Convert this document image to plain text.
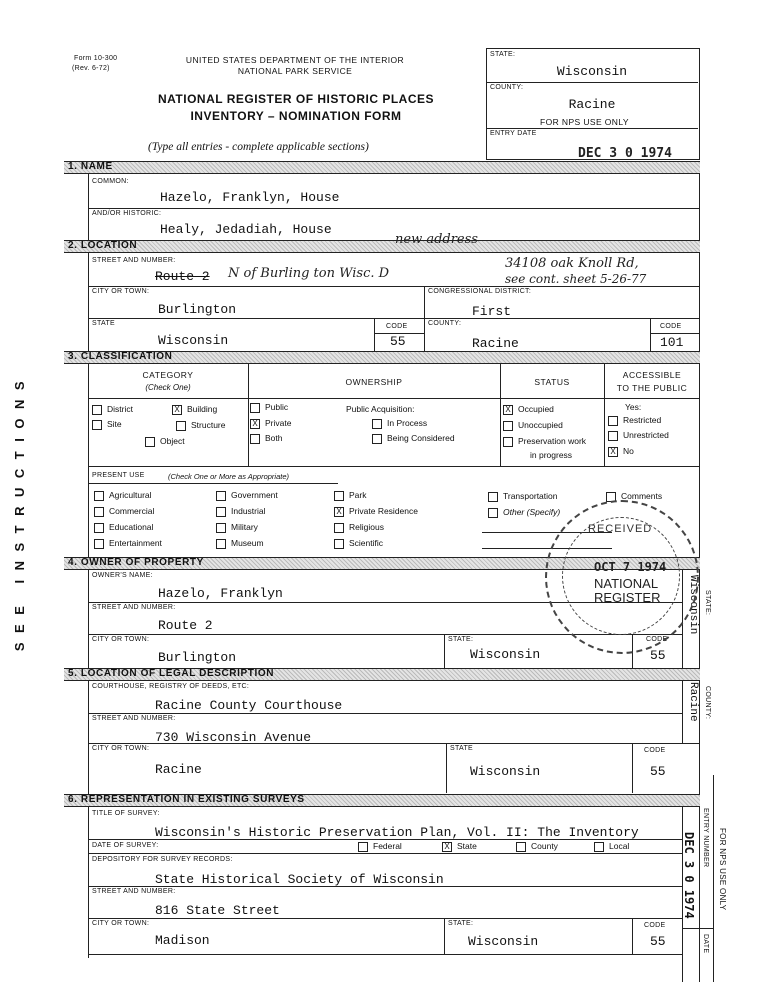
Form 10-300
(Rev. 6-72)
UNITED STATES DEPARTMENT OF THE INTERIOR
NATIONAL PARK SERVICE
NATIONAL REGISTER OF HISTORIC PLACES
INVENTORY – NOMINATION FORM
(Type all entries - complete applicable sections)
STATE:
Wisconsin
COUNTY:
Racine
FOR NPS USE ONLY
ENTRY DATE
DEC 3 0 1974
SEE INSTRUCTIONS
1. NAME
COMMON:
Hazelo, Franklyn, House
AND/OR HISTORIC:
Healy, Jedadiah, House
2. LOCATION	new address
STREET AND NUMBER:
Route 2 N of Burling ton Wisc. D
34108 oak Knoll Rd,
see cont. sheet 5-26-77
CITY OR TOWN:
Burlington
CONGRESSIONAL DISTRICT:
First
STATE
Wisconsin
CODE
55
COUNTY:
Racine
CODE
101
3. CLASSIFICATION
CATEGORY
(Check One)
OWNERSHIP	STATUS
ACCESSIBLE
TO THE PUBLIC
District	X Building
Site	Structure
Object
Public
X Private
Both
Public Acquisition:
In Process
Being Considered
X Occupied
Unoccupied
Preservation work
in progress
Yes:
Restricted
Unrestricted
X No
PRESENT USE	(Check One or More as Appropriate)
Agricultural
Commercial
Educational
Entertainment
Government
Industrial
Military
Museum
Park
X Private Residence
Religious
Scientific
Transportation
Other (Specify)
Comments
4. OWNER OF PROPERTY
OWNER'S NAME:
Hazelo, Franklyn
STREET AND NUMBER:
Route 2
CITY OR TOWN:
Burlington
STATE:
Wisconsin
CODE
55
Wisconsin STATE:
5. LOCATION OF LEGAL DESCRIPTION
COURTHOUSE, REGISTRY OF DEEDS, ETC:
Racine County Courthouse
STREET AND NUMBER:
730 Wisconsin Avenue
CITY OR TOWN:
Racine
STATE
Wisconsin
CODE
55
Racine COUNTY:
6. REPRESENTATION IN EXISTING SURVEYS
TITLE OF SURVEY:
Wisconsin's Historic Preservation Plan, Vol. II: The Inventory
DATE OF SURVEY:	Federal	X State	County	Local
DEPOSITORY FOR SURVEY RECORDS:
State Historical Society of Wisconsin
STREET AND NUMBER:
816 State Street
CITY OR TOWN:
Madison
STATE:
Wisconsin
CODE
55
ENTRY NUMBER
DATE
FOR NPS USE ONLY
DEC 3 0 1974
RECEIVED
OCT 7 1974
NATIONAL
REGISTER
